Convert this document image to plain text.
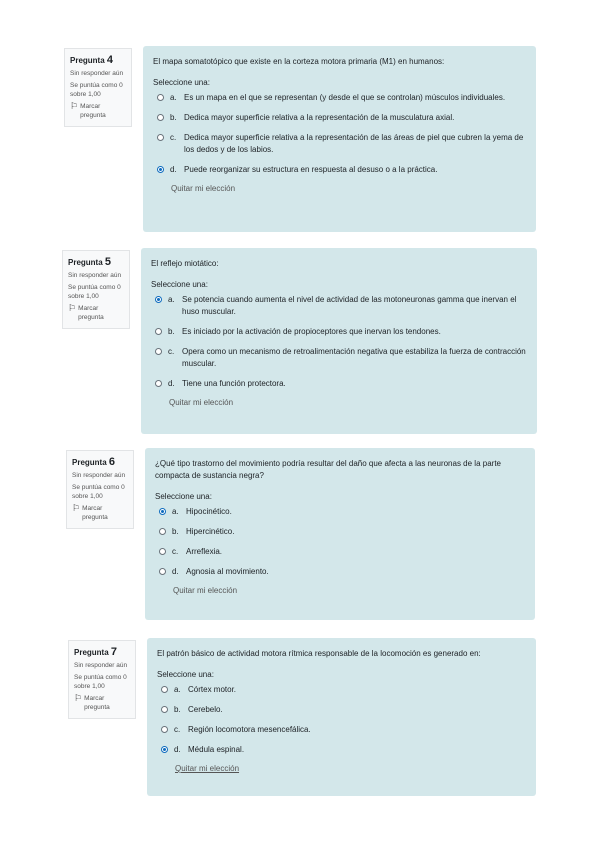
Pregunta 4
Sin responder aún
Se puntúa como 0 sobre 1,00
⚐ Marcar pregunta
El mapa somatotópico que existe en la corteza motora primaria (M1) en humanos:
Seleccione una:
a. Es un mapa en el que se representan (y desde el que se controlan) músculos individuales.
b. Dedica mayor superficie relativa a la representación de la musculatura axial.
c. Dedica mayor superficie relativa a la representación de las áreas de piel que cubren la yema de los dedos y de los labios.
d. Puede reorganizar su estructura en respuesta al desuso o a la práctica.
Quitar mi elección
Pregunta 5
Sin responder aún
Se puntúa como 0 sobre 1,00
⚐ Marcar pregunta
El reflejo miotático:
Seleccione una:
a. Se potencia cuando aumenta el nivel de actividad de las motoneuronas gamma que inervan el huso muscular.
b. Es iniciado por la activación de propioceptores que inervan los tendones.
c. Opera como un mecanismo de retroalimentación negativa que estabiliza la fuerza de contracción muscular.
d. Tiene una función protectora.
Quitar mi elección
Pregunta 6
Sin responder aún
Se puntúa como 0 sobre 1,00
⚐ Marcar pregunta
¿Qué tipo trastorno del movimiento podría resultar del daño que afecta a las neuronas de la parte compacta de sustancia negra?
Seleccione una:
a. Hipocinético.
b. Hipercinético.
c. Arreflexia.
d. Agnosia al movimiento.
Quitar mi elección
Pregunta 7
Sin responder aún
Se puntúa como 0 sobre 1,00
⚐ Marcar pregunta
El patrón básico de actividad motora rítmica responsable de la locomoción es generado en:
Seleccione una:
a. Córtex motor.
b. Cerebelo.
c. Región locomotora mesencefálica.
d. Médula espinal.
Quitar mi elección
